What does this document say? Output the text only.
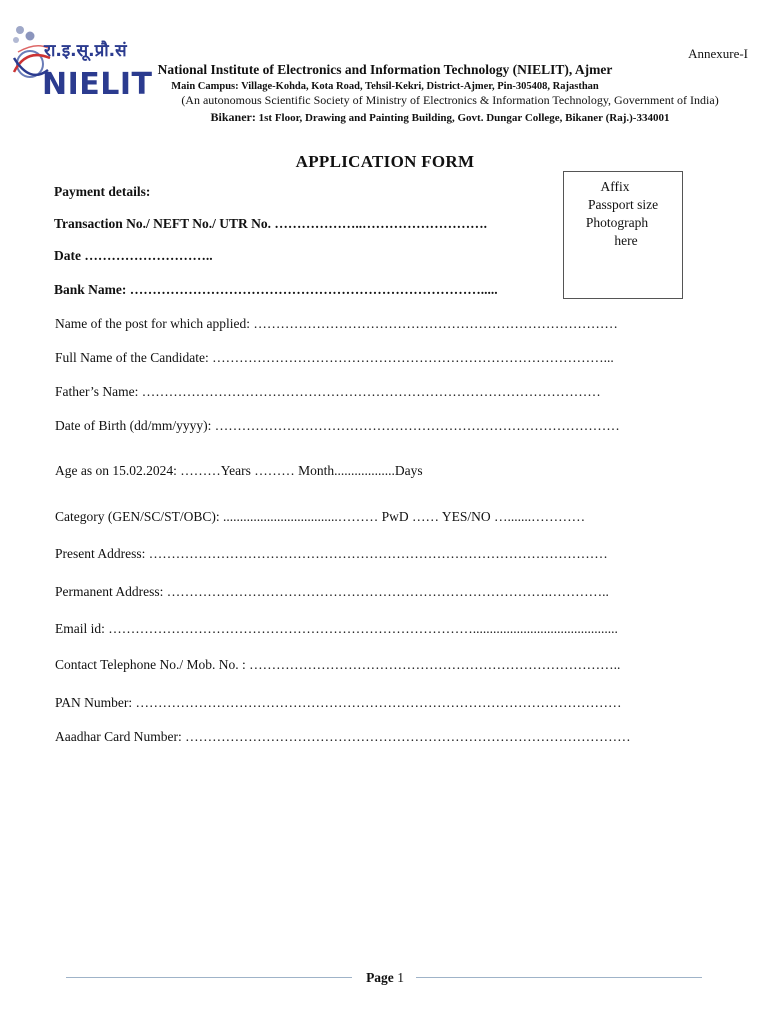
रा.इ.सू.प्रौ.सं
NIELIT
Annexure-I
National Institute of Electronics and Information Technology (NIELIT), Ajmer
Main Campus: Village-Kohda, Kota Road, Tehsil-Kekri, District-Ajmer, Pin-305408, Rajasthan
(An autonomous Scientific Society of Ministry of Electronics & Information Technology, Government of India)
Bikaner: 1st Floor, Drawing and Painting Building, Govt. Dungar College, Bikaner (Raj.)-334001
APPLICATION FORM
Affix
Passport size
Photograph
here
Payment details:
Transaction No./ NEFT No./ UTR No. ………………..……………………….
Date ………………………..
Bank Name: …………………………………………………………………….....
Name of the post for which applied: ………………………………………………………………………
Full Name of the Candidate: ……………………………………………………………………………...
Father’s Name: …………………………………………………………………………………………
Date of Birth (dd/mm/yyyy): ………………………………………………………………………………
Age as on 15.02.2024: ………Years ……… Month..................Days
Category (GEN/SC/ST/OBC): ..................................……… PwD …… YES/NO ….......…………
Present Address: …………………………………………………………………………………………
Permanent Address: ………………………………………………………………………….…………..
Email id: ………………………………………………………………………...........................................
Contact Telephone No./ Mob. No. : ………………………………………………………………………..
PAN Number: ………………………………………………………………………………………………
Aaadhar Card Number: ………………………………………………………………………………………
Page 1
